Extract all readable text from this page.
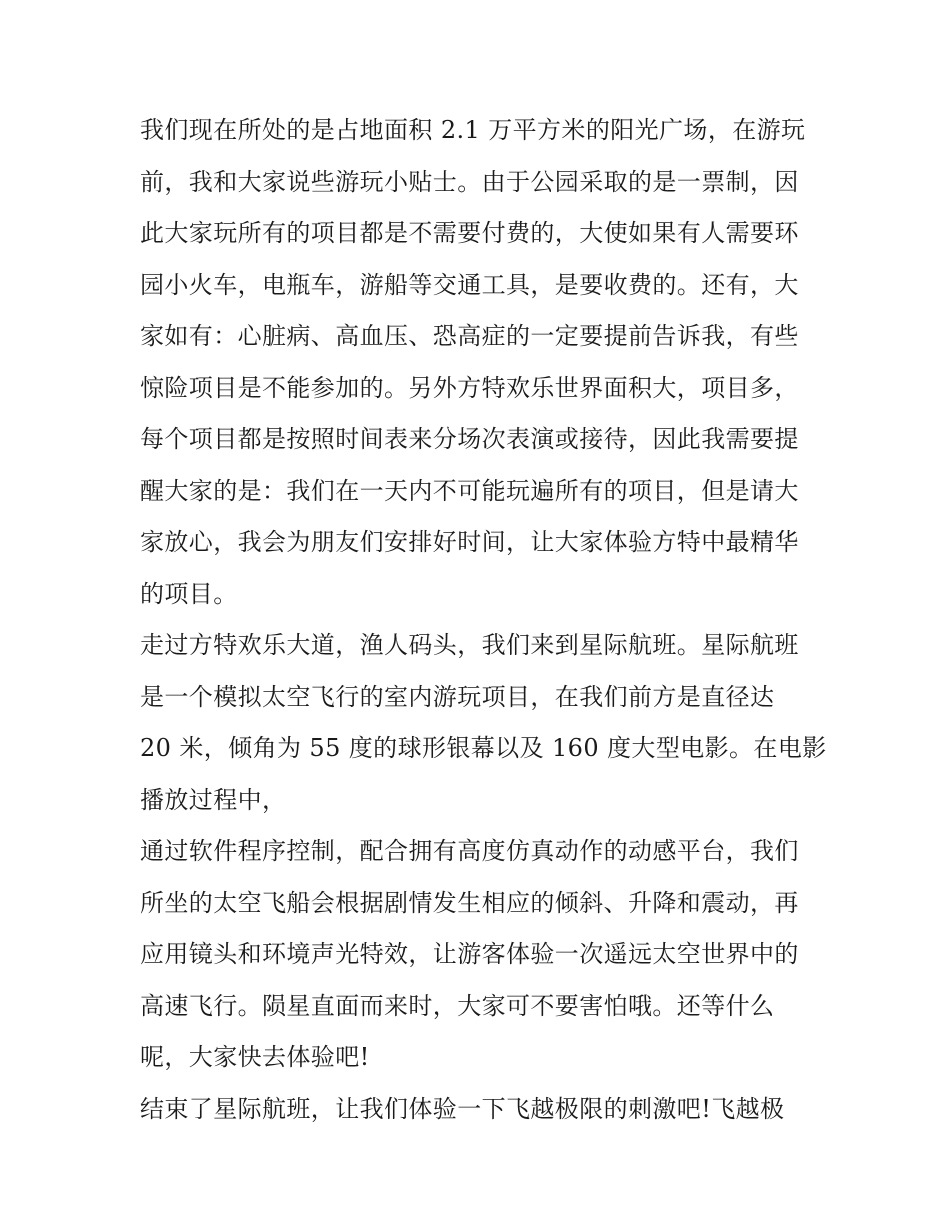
我们现在所处的是占地面积 2.1 万平方米的阳光广场，在游玩
前，我和大家说些游玩小贴士。由于公园采取的是一票制，因
此大家玩所有的项目都是不需要付费的，大使如果有人需要环
园小火车，电瓶车，游船等交通工具，是要收费的。还有，大
家如有：心脏病、高血压、恐高症的一定要提前告诉我，有些
惊险项目是不能参加的。另外方特欢乐世界面积大，项目多，
每个项目都是按照时间表来分场次表演或接待，因此我需要提
醒大家的是：我们在一天内不可能玩遍所有的项目，但是请大
家放心，我会为朋友们安排好时间，让大家体验方特中最精华
的项目。
走过方特欢乐大道，渔人码头，我们来到星际航班。星际航班
是一个模拟太空飞行的室内游玩项目，在我们前方是直径达
20 米，倾角为 55 度的球形银幕以及 160 度大型电影。在电影
播放过程中，
通过软件程序控制，配合拥有高度仿真动作的动感平台，我们
所坐的太空飞船会根据剧情发生相应的倾斜、升降和震动，再
应用镜头和环境声光特效，让游客体验一次遥远太空世界中的
高速飞行。陨星直面而来时，大家可不要害怕哦。还等什么
呢，大家快去体验吧!
结束了星际航班，让我们体验一下飞越极限的刺激吧!飞越极
